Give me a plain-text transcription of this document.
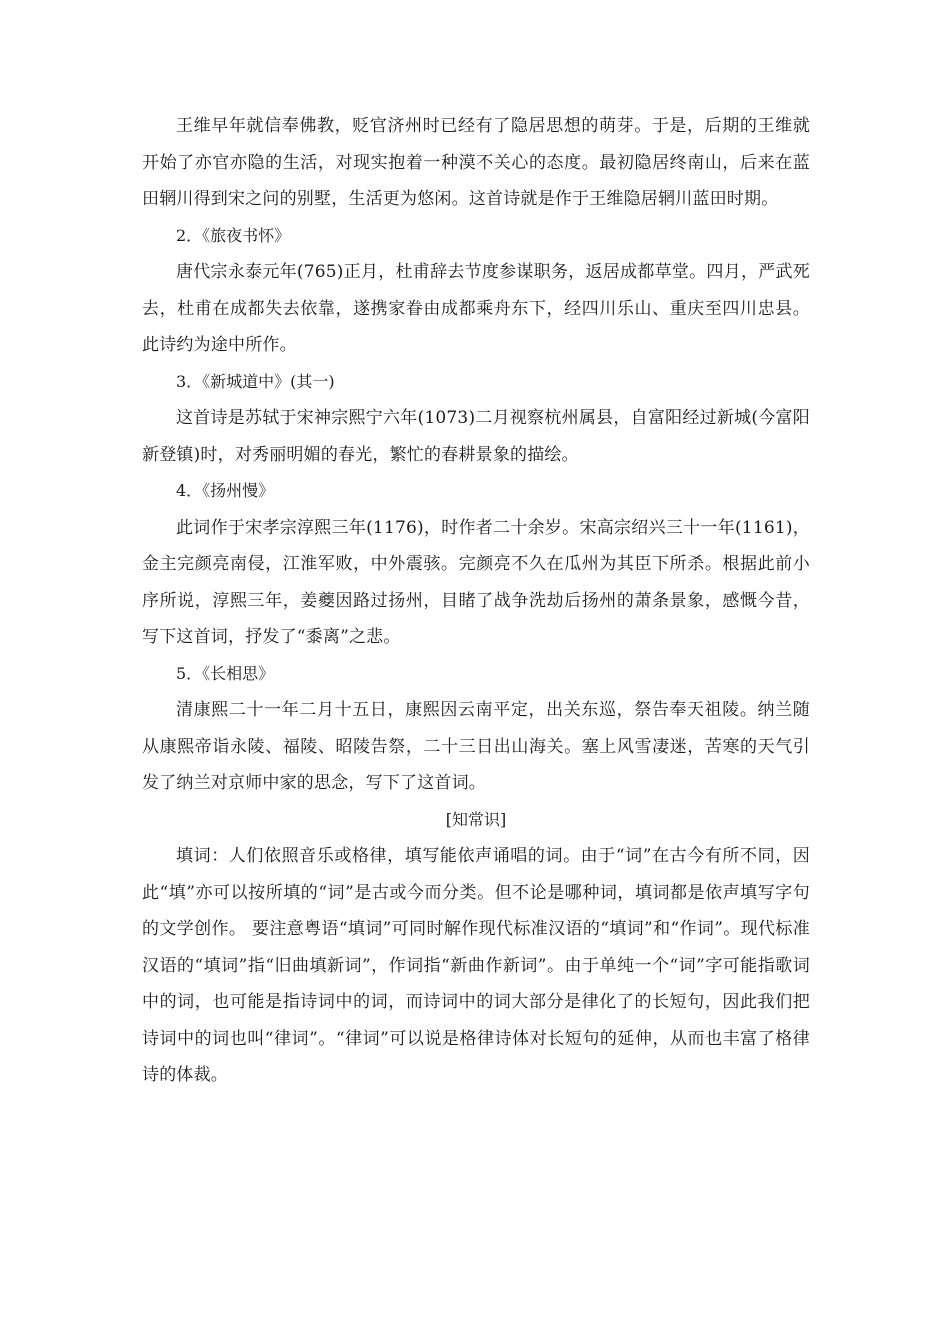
王维早年就信奉佛教，贬官济州时已经有了隐居思想的萌芽。于是，后期的王维就开始了亦官亦隐的生活，对现实抱着一种漠不关心的态度。最初隐居终南山，后来在蓝田辋川得到宋之问的别墅，生活更为悠闲。这首诗就是作于王维隐居辋川蓝田时期。

2．《旅夜书怀》

唐代宗永泰元年(765)正月，杜甫辞去节度参谋职务，返居成都草堂。四月，严武死去，杜甫在成都失去依靠，遂携家眷由成都乘舟东下，经四川乐山、重庆至四川忠县。此诗约为途中所作。

3．《新城道中》(其一)

这首诗是苏轼于宋神宗熙宁六年(1073)二月视察杭州属县，自富阳经过新城(今富阳新登镇)时，对秀丽明媚的春光，繁忙的春耕景象的描绘。

4．《扬州慢》

此词作于宋孝宗淳熙三年(1176)，时作者二十余岁。宋高宗绍兴三十一年(1161)，金主完颜亮南侵，江淮军败，中外震骇。完颜亮不久在瓜州为其臣下所杀。根据此前小序所说，淳熙三年，姜夔因路过扬州，目睹了战争洗劫后扬州的萧条景象，感慨今昔，写下这首词，抒发了“黍离”之悲。

5．《长相思》

清康熙二十一年二月十五日，康熙因云南平定，出关东巡，祭告奉天祖陵。纳兰随从康熙帝诣永陵、福陵、昭陵告祭，二十三日出山海关。塞上风雪凄迷，苦寒的天气引发了纳兰对京师中家的思念，写下了这首词。

[知常识]

填词：人们依照音乐或格律，填写能依声诵唱的词。由于“词”在古今有所不同，因此“填”亦可以按所填的“词”是古或今而分类。但不论是哪种词，填词都是依声填写字句的文学创作。 要注意粤语“填词”可同时解作现代标准汉语的“填词”和“作词”。现代标准汉语的“填词”指“旧曲填新词”，作词指“新曲作新词”。由于单纯一个“词”字可能指歌词中的词，也可能是指诗词中的词，而诗词中的词大部分是律化了的长短句，因此我们把诗词中的词也叫“律词”。“律词”可以说是格律诗体对长短句的延伸，从而也丰富了格律诗的体裁。
